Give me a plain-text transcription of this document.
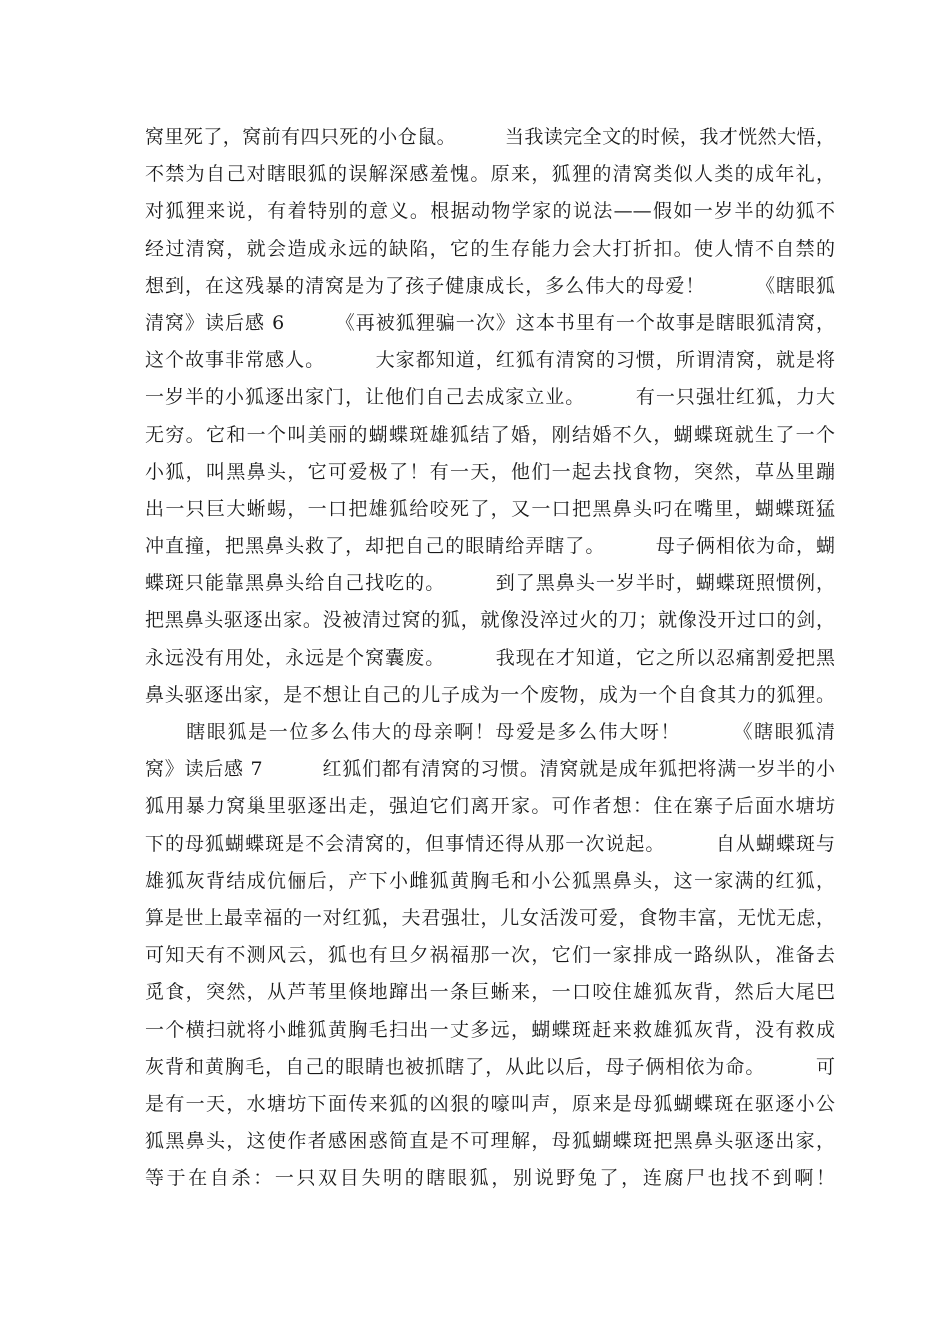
窝里死了，窝前有四只死的小仓鼠。　　　当我读完全文的时候，我才恍然大悟，
不禁为自己对瞎眼狐的误解深感羞愧。原来，狐狸的清窝类似人类的成年礼，
对狐狸来说，有着特别的意义。根据动物学家的说法——假如一岁半的幼狐不
经过清窝，就会造成永远的缺陷，它的生存能力会大打折扣。使人情不自禁的
想到，在这残暴的清窝是为了孩子健康成长，多么伟大的母爱！　　　《瞎眼狐
清窝》读后感 6　　　《再被狐狸骗一次》这本书里有一个故事是瞎眼狐清窝，
这个故事非常感人。　　　大家都知道，红狐有清窝的习惯，所谓清窝，就是将
一岁半的小狐逐出家门，让他们自己去成家立业。　　　有一只强壮红狐，力大
无穷。它和一个叫美丽的蝴蝶斑雄狐结了婚，刚结婚不久，蝴蝶斑就生了一个
小狐，叫黑鼻头，它可爱极了！有一天，他们一起去找食物，突然，草丛里蹦
出一只巨大蜥蜴，一口把雄狐给咬死了，又一口把黑鼻头叼在嘴里，蝴蝶斑猛
冲直撞，把黑鼻头救了，却把自己的眼睛给弄瞎了。　　　母子俩相依为命，蝴
蝶斑只能靠黑鼻头给自己找吃的。　　　到了黑鼻头一岁半时，蝴蝶斑照惯例，
把黑鼻头驱逐出家。没被清过窝的狐，就像没淬过火的刀；就像没开过口的剑，
永远没有用处，永远是个窝囊废。　　　我现在才知道，它之所以忍痛割爱把黑
鼻头驱逐出家，是不想让自己的儿子成为一个废物，成为一个自食其力的狐狸。
　　瞎眼狐是一位多么伟大的母亲啊！母爱是多么伟大呀！　　　《瞎眼狐清
窝》读后感 7　　　红狐们都有清窝的习惯。清窝就是成年狐把将满一岁半的小
狐用暴力窝巢里驱逐出走，强迫它们离开家。可作者想：住在寨子后面水塘坊
下的母狐蝴蝶斑是不会清窝的，但事情还得从那一次说起。　　　自从蝴蝶斑与
雄狐灰背结成伉俪后，产下小雌狐黄胸毛和小公狐黑鼻头，这一家满的红狐，
算是世上最幸福的一对红狐，夫君强壮，儿女活泼可爱，食物丰富，无忧无虑，
可知天有不测风云，狐也有旦夕祸福那一次，它们一家排成一路纵队，准备去
觅食，突然，从芦苇里倏地蹿出一条巨蜥来，一口咬住雄狐灰背，然后大尾巴
一个横扫就将小雌狐黄胸毛扫出一丈多远，蝴蝶斑赶来救雄狐灰背，没有救成
灰背和黄胸毛，自己的眼睛也被抓瞎了，从此以后，母子俩相依为命。　　　可
是有一天，水塘坊下面传来狐的凶狠的嚎叫声，原来是母狐蝴蝶斑在驱逐小公
狐黑鼻头，这使作者感困惑简直是不可理解，母狐蝴蝶斑把黑鼻头驱逐出家，
等于在自杀：一只双目失明的瞎眼狐，别说野兔了，连腐尸也找不到啊！
